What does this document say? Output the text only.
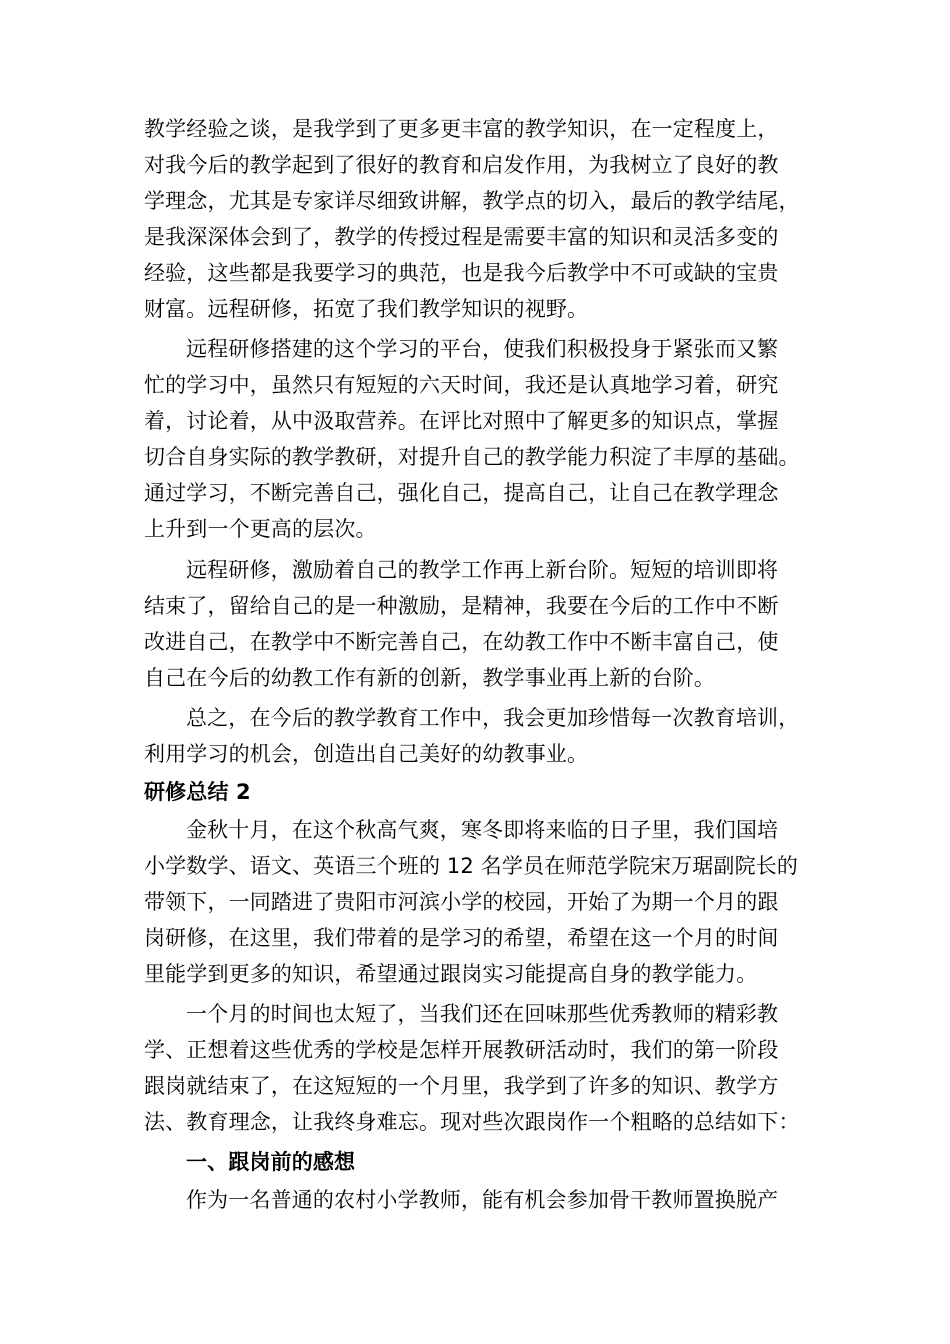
教学经验之谈，是我学到了更多更丰富的教学知识，在一定程度上，
对我今后的教学起到了很好的教育和启发作用，为我树立了良好的教
学理念，尤其是专家详尽细致讲解，教学点的切入，最后的教学结尾，
是我深深体会到了，教学的传授过程是需要丰富的知识和灵活多变的
经验，这些都是我要学习的典范，也是我今后教学中不可或缺的宝贵
财富。远程研修，拓宽了我们教学知识的视野。
远程研修搭建的这个学习的平台，使我们积极投身于紧张而又繁
忙的学习中，虽然只有短短的六天时间，我还是认真地学习着，研究
着，讨论着，从中汲取营养。在评比对照中了解更多的知识点，掌握
切合自身实际的教学教研，对提升自己的教学能力积淀了丰厚的基础。
通过学习，不断完善自己，强化自己，提高自己，让自己在教学理念
上升到一个更高的层次。
远程研修，激励着自己的教学工作再上新台阶。短短的培训即将
结束了，留给自己的是一种激励，是精神，我要在今后的工作中不断
改进自己，在教学中不断完善自己，在幼教工作中不断丰富自己，使
自己在今后的幼教工作有新的创新，教学事业再上新的台阶。
总之，在今后的教学教育工作中，我会更加珍惜每一次教育培训，
利用学习的机会，创造出自己美好的幼教事业。
研修总结 2
金秋十月，在这个秋高气爽，寒冬即将来临的日子里，我们国培
小学数学、语文、英语三个班的 12 名学员在师范学院宋万琚副院长的
带领下，一同踏进了贵阳市河滨小学的校园，开始了为期一个月的跟
岗研修，在这里，我们带着的是学习的希望，希望在这一个月的时间
里能学到更多的知识，希望通过跟岗实习能提高自身的教学能力。
一个月的时间也太短了，当我们还在回味那些优秀教师的精彩教
学、正想着这些优秀的学校是怎样开展教研活动时，我们的第一阶段
跟岗就结束了，在这短短的一个月里，我学到了许多的知识、教学方
法、教育理念，让我终身难忘。现对些次跟岗作一个粗略的总结如下：
一、跟岗前的感想
作为一名普通的农村小学教师，能有机会参加骨干教师置换脱产
